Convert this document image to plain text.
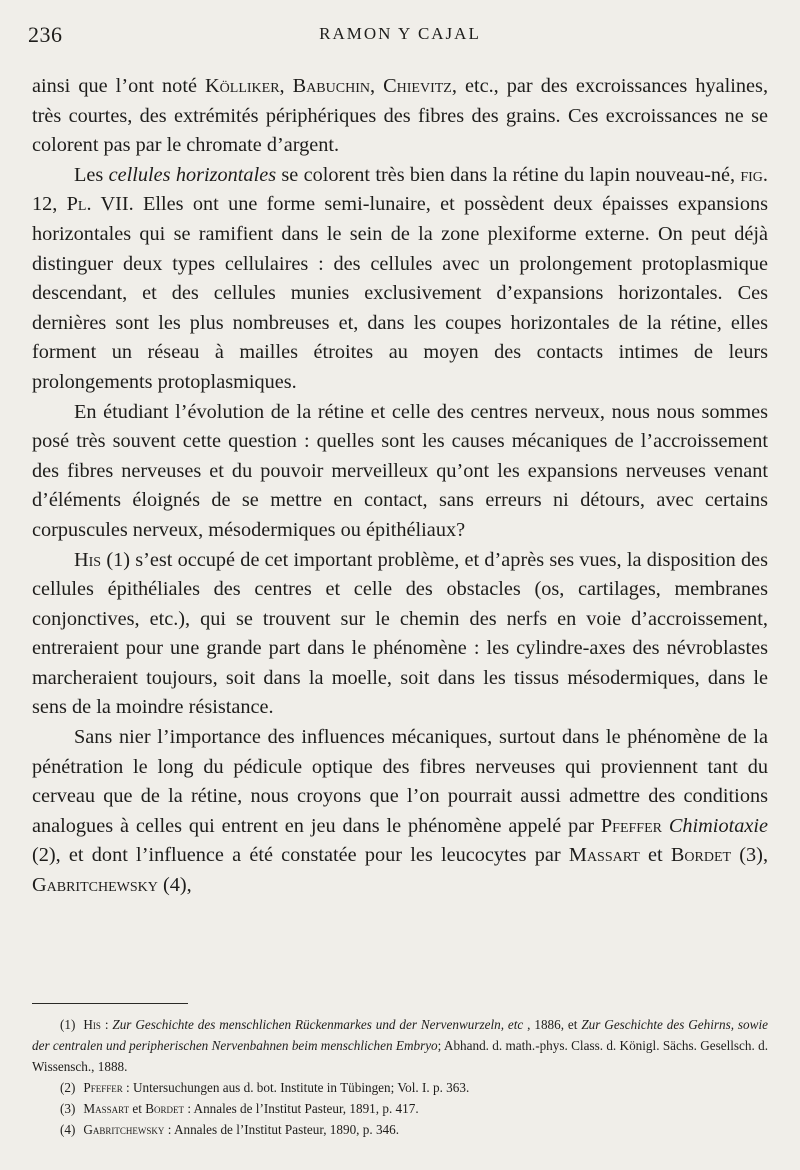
236	RAMON Y CAJAL

ainsi que l’ont noté Kölliker, Babuchin, Chievitz, etc., par des excroissances hyalines, très courtes, des extrémités périphériques des fibres des grains. Ces excroissances ne se colorent pas par le chromate d’argent.

Les cellules horizontales se colorent très bien dans la rétine du lapin nouveau-né, fig. 12, Pl. VII. Elles ont une forme semi-lunaire, et possèdent deux épaisses expansions horizontales qui se ramifient dans le sein de la zone plexiforme externe. On peut déjà distinguer deux types cellulaires : des cellules avec un prolongement protoplasmique descendant, et des cellules munies exclusivement d’expansions horizontales. Ces dernières sont les plus nombreuses et, dans les coupes horizontales de la rétine, elles forment un réseau à mailles étroites au moyen des contacts intimes de leurs prolongements protoplasmiques.

En étudiant l’évolution de la rétine et celle des centres nerveux, nous nous sommes posé très souvent cette question : quelles sont les causes mécaniques de l’accroissement des fibres nerveuses et du pouvoir merveilleux qu’ont les expansions nerveuses venant d’éléments éloignés de se mettre en contact, sans erreurs ni détours, avec certains corpuscules nerveux, mésodermiques ou épithéliaux?

His (1) s’est occupé de cet important problème, et d’après ses vues, la disposition des cellules épithéliales des centres et celle des obstacles (os, cartilages, membranes conjonctives, etc.), qui se trouvent sur le chemin des nerfs en voie d’accroissement, entreraient pour une grande part dans le phénomène : les cylindre-axes des névroblastes marcheraient toujours, soit dans la moelle, soit dans les tissus mésodermiques, dans le sens de la moindre résistance.

Sans nier l’importance des influences mécaniques, surtout dans le phénomène de la pénétration le long du pédicule optique des fibres nerveuses qui proviennent tant du cerveau que de la rétine, nous croyons que l’on pourrait aussi admettre des conditions analogues à celles qui entrent en jeu dans le phénomène appelé par Pfeffer Chimiotaxie (2), et dont l’influence a été constatée pour les leucocytes par Massart et Bordet (3), Gabritchewsky (4),

(1) His : Zur Geschichte des menschlichen Rückenmarkes und der Nervenwurzeln, etc , 1886, et Zur Geschichte des Gehirns, sowie der centralen und peripherischen Nervenbahnen beim menschlichen Embryo; Abhand. d. math.-phys. Class. d. Königl. Sächs. Gesellsch. d. Wissensch., 1888.

(2) Pfeffer : Untersuchungen aus d. bot. Institute in Tübingen; Vol. I. p. 363.

(3) Massart et Bordet : Annales de l’Institut Pasteur, 1891, p. 417.

(4) Gabritchewsky : Annales de l’Institut Pasteur, 1890, p. 346.
